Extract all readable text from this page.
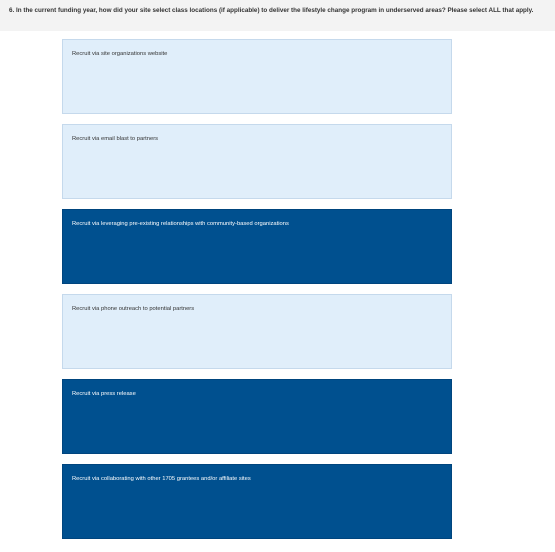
6. In the current funding year, how did your site select class locations (if applicable) to deliver the lifestyle change program in underserved areas? Please select ALL that apply.
Recruit via site organizations website
Recruit via email blast to partners
Recruit via leveraging pre-existing relationships with community-based organizations
Recruit via phone outreach to potential partners
Recruit via press release
Recruit via collaborating with other 1705 grantees and/or affiliate sites
